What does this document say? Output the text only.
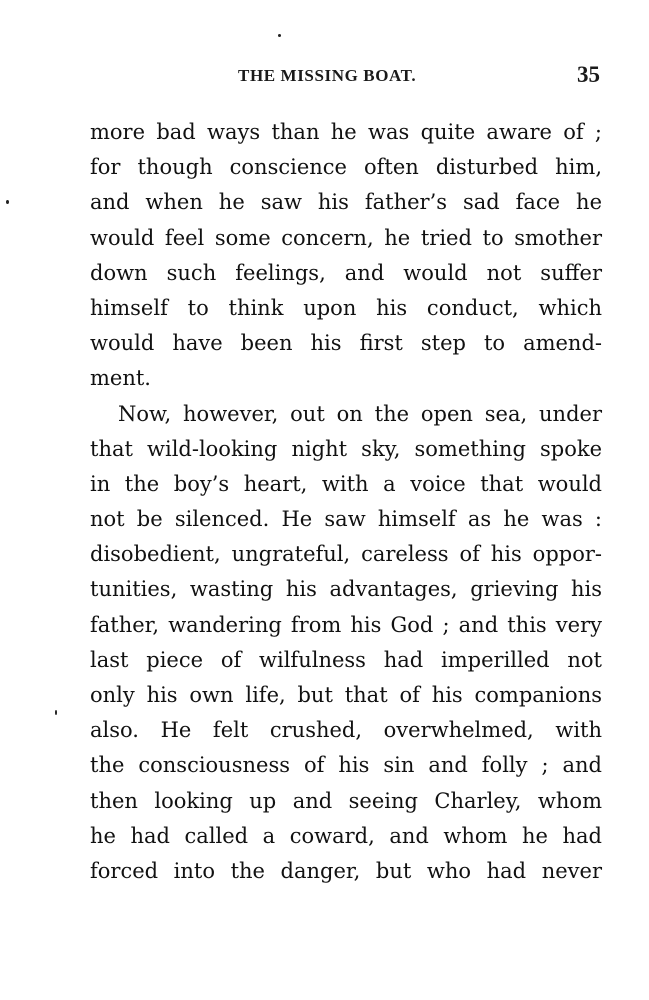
THE MISSING BOAT.	35
more bad ways than he was quite aware of ;
for though conscience often disturbed him,
and when he saw his father’s sad face he
would feel some concern, he tried to smother
down such feelings, and would not suffer
himself to think upon his conduct, which
would have been his first step to amend-
ment.
Now, however, out on the open sea, under
that wild-looking night sky, something spoke
in the boy’s heart, with a voice that would
not be silenced. He saw himself as he was :
disobedient, ungrateful, careless of his oppor-
tunities, wasting his advantages, grieving his
father, wandering from his God ; and this very
last piece of wilfulness had imperilled not
only his own life, but that of his companions
also. He felt crushed, overwhelmed, with
the consciousness of his sin and folly ; and
then looking up and seeing Charley, whom
he had called a coward, and whom he had
forced into the danger, but who had never
